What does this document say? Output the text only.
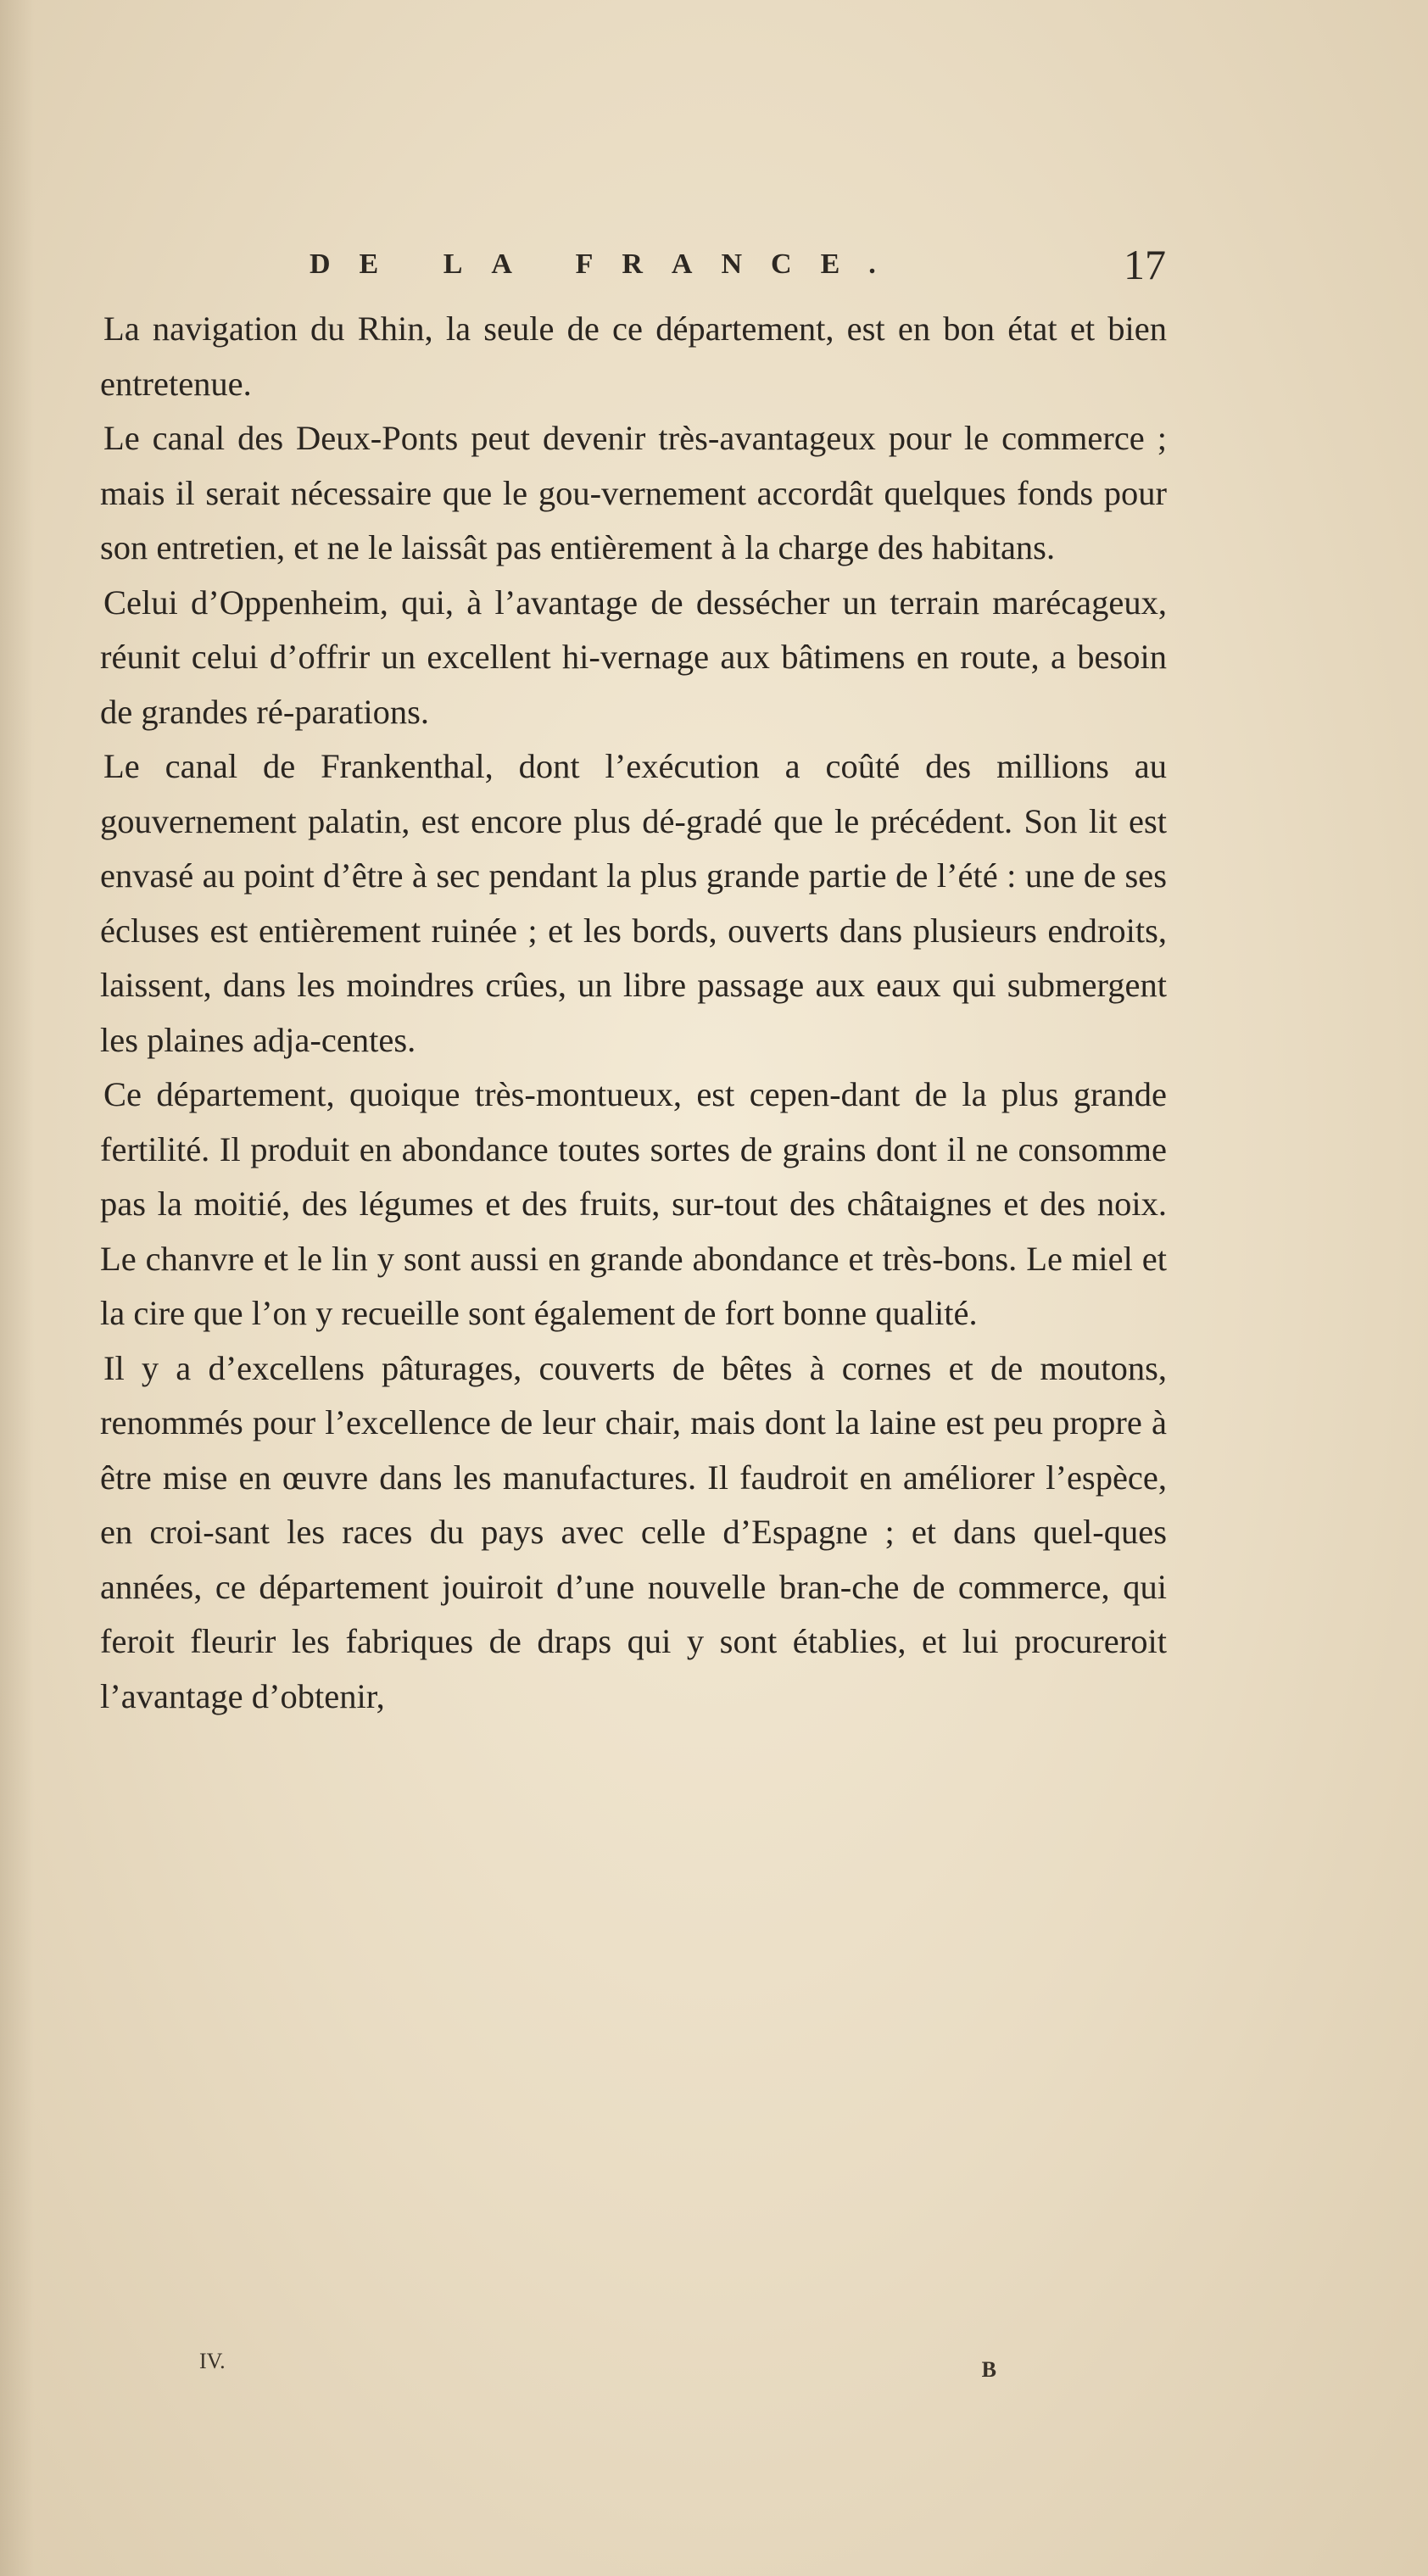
DE LA FRANCE.	17

La navigation du Rhin, la seule de ce département, est en bon état et bien entretenue.

Le canal des Deux-Ponts peut devenir très-avantageux pour le commerce ; mais il serait nécessaire que le gou-vernement accordât quelques fonds pour son entretien, et ne le laissât pas entièrement à la charge des habitans.

Celui d’Oppenheim, qui, à l’avantage de dessécher un terrain marécageux, réunit celui d’offrir un excellent hi-vernage aux bâtimens en route, a besoin de grandes ré-parations.

Le canal de Frankenthal, dont l’exécution a coûté des millions au gouvernement palatin, est encore plus dé-gradé que le précédent. Son lit est envasé au point d’être à sec pendant la plus grande partie de l’été : une de ses écluses est entièrement ruinée ; et les bords, ouverts dans plusieurs endroits, laissent, dans les moindres crûes, un libre passage aux eaux qui submergent les plaines adja-centes.

Ce département, quoique très-montueux, est cepen-dant de la plus grande fertilité. Il produit en abondance toutes sortes de grains dont il ne consomme pas la moitié, des légumes et des fruits, sur-tout des châtaignes et des noix. Le chanvre et le lin y sont aussi en grande abondance et très-bons. Le miel et la cire que l’on y recueille sont également de fort bonne qualité.

Il y a d’excellens pâturages, couverts de bêtes à cornes et de moutons, renommés pour l’excellence de leur chair, mais dont la laine est peu propre à être mise en œuvre dans les manufactures. Il faudroit en améliorer l’espèce, en croi-sant les races du pays avec celle d’Espagne ; et dans quel-ques années, ce département jouiroit d’une nouvelle bran-che de commerce, qui feroit fleurir les fabriques de draps qui y sont établies, et lui procureroit l’avantage d’obtenir,

IV.	B
